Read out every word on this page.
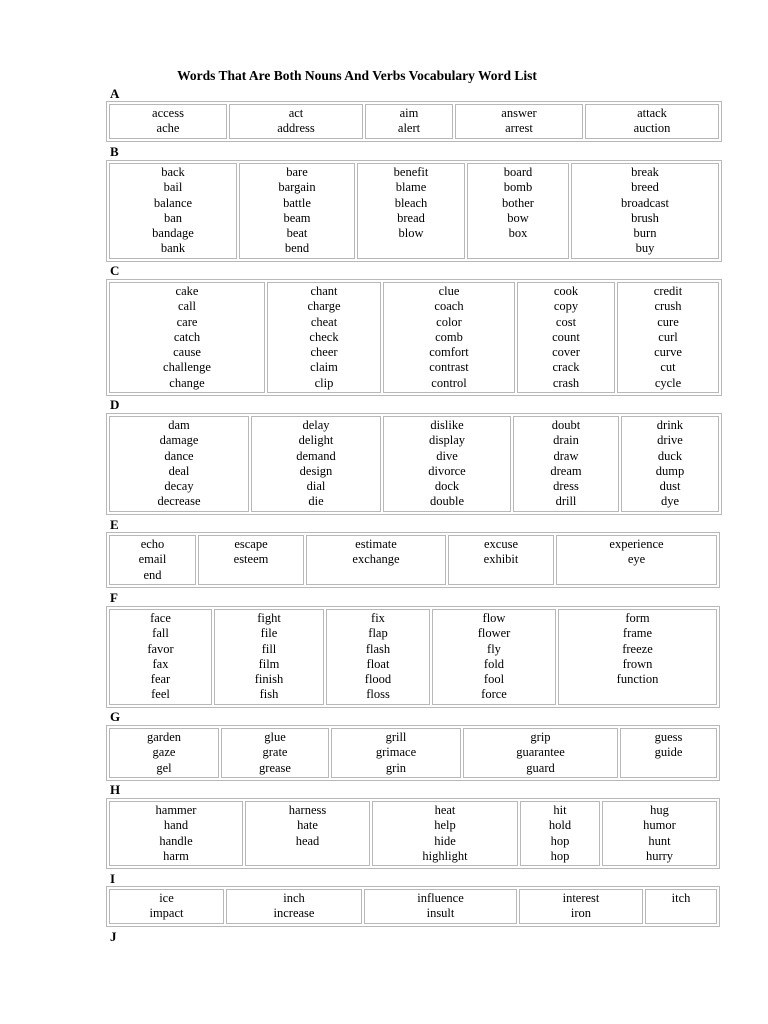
Words That Are Both Nouns And Verbs Vocabulary Word List
A
access
ache

act
address

aim
alert

answer
arrest

attack
auction
B
back
bail
balance
ban
bandage
bank

bare
bargain
battle
beam
beat
bend

benefit
blame
bleach
bread
blow

board
bomb
bother
bow
box

break
breed
broadcast
brush
burn
buy
C
cake
call
care
catch
cause
challenge
change

chant
charge
cheat
check
cheer
claim
clip

clue
coach
color
comb
comfort
contrast
control

cook
copy
cost
count
cover
crack
crash

credit
crush
cure
curl
curve
cut
cycle
D
dam
damage
dance
deal
decay
decrease

delay
delight
demand
design
dial
die

dislike
display
dive
divorce
dock
double

doubt
drain
draw
dream
dress
drill

drink
drive
duck
dump
dust
dye
E
echo
email
end

escape
esteem

estimate
exchange

excuse
exhibit

experience
eye
F
face
fall
favor
fax
fear
feel

fight
file
fill
film
finish
fish

fix
flap
flash
float
flood
floss

flow
flower
fly
fold
fool
force

form
frame
freeze
frown
function
G
garden
gaze
gel

glue
grate
grease

grill
grimace
grin

grip
guarantee
guard

guess
guide
H
hammer
hand
handle
harm

harness
hate
head

heat
help
hide
highlight

hit
hold
hop
hop

hug
humor
hunt
hurry
I
ice
impact

inch
increase

influence
insult

interest
iron

itch
J
